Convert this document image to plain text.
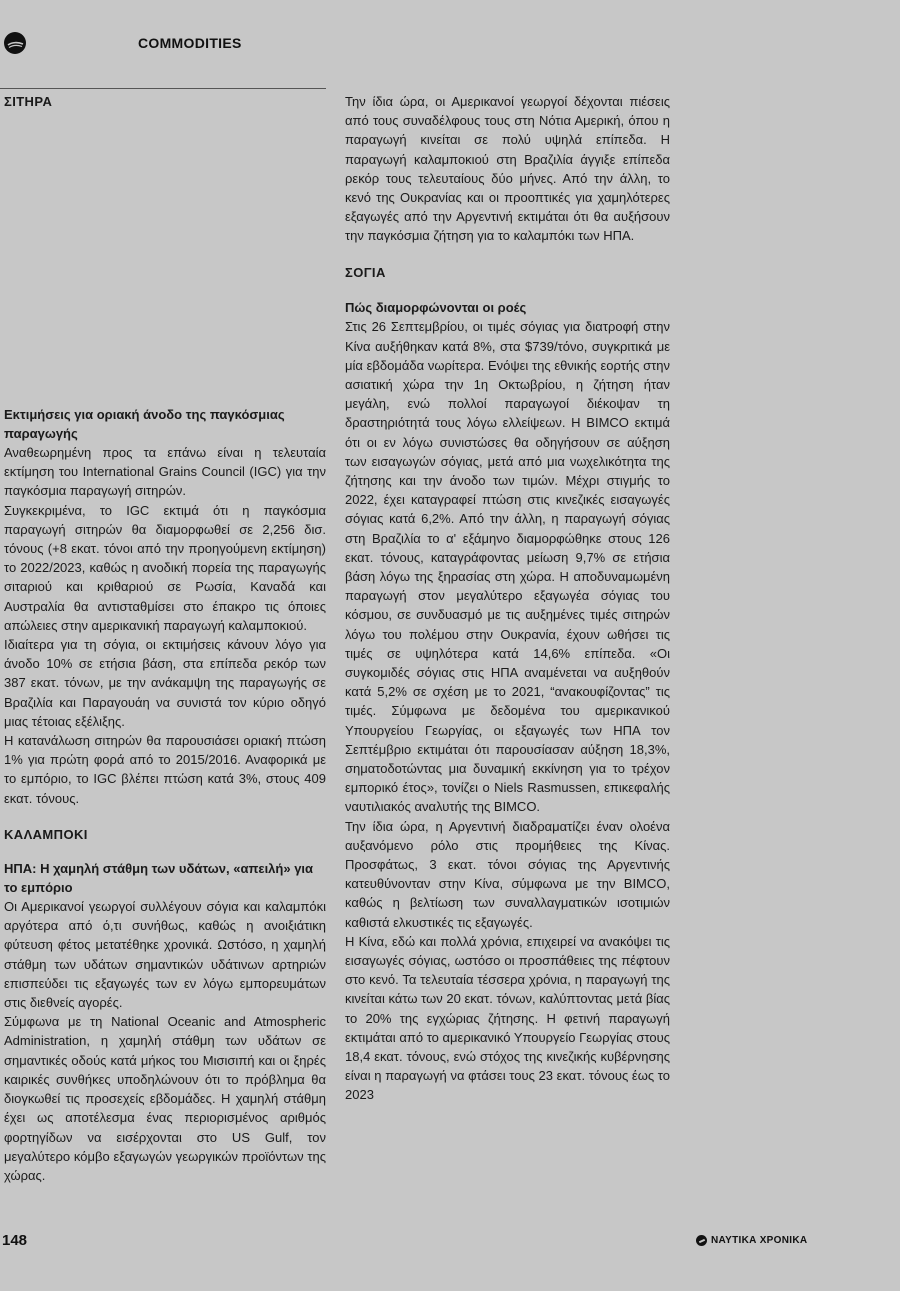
COMMODITIES
ΣΙΤΗΡΑ
Εκτιμήσεις για οριακή άνοδο της παγκόσμιας παραγωγής

Αναθεωρημένη προς τα επάνω είναι η τελευταία εκτίμηση του International Grains Council (IGC) για την παγκόσμια παραγωγή σιτηρών.

Συγκεκριμένα, το IGC εκτιμά ότι η παγκόσμια παραγωγή σιτηρών θα διαμορφωθεί σε 2,256 δισ. τόνους (+8 εκατ. τόνοι από την προηγούμενη εκτίμηση) το 2022/2023, καθώς η ανοδική πορεία της παραγωγής σιταριού και κριθαριού σε Ρωσία, Καναδά και Αυστραλία θα αντισταθμίσει στο έπακρο τις όποιες απώλειες στην αμερικανική παραγωγή καλαμποκιού.

Ιδιαίτερα για τη σόγια, οι εκτιμήσεις κάνουν λόγο για άνοδο 10% σε ετήσια βάση, στα επίπεδα ρεκόρ των 387 εκατ. τόνων, με την ανάκαμψη της παραγωγής σε Βραζιλία και Παραγουάη να συνιστά τον κύριο οδηγό μιας τέτοιας εξέλιξης.

Η κατανάλωση σιτηρών θα παρουσιάσει οριακή πτώση 1% για πρώτη φορά από το 2015/2016. Αναφορικά με το εμπόριο, το IGC βλέπει πτώση κατά 3%, στους 409 εκατ. τόνους.

ΚΑΛΑΜΠΟΚΙ
ΗΠΑ: Η χαμηλή στάθμη των υδάτων, «απειλή» για το εμπόριο

Οι Αμερικανοί γεωργοί συλλέγουν σόγια και καλαμπόκι αργότερα από ό,τι συνήθως, καθώς η ανοιξιάτικη φύτευση φέτος μετατέθηκε χρονικά. Ωστόσο, η χαμηλή στάθμη των υδάτων σημαντικών υδάτινων αρτηριών επισπεύδει τις εξαγωγές των εν λόγω εμπορευμάτων στις διεθνείς αγορές.

Σύμφωνα με τη National Oceanic and Atmospheric Administration, η χαμηλή στάθμη των υδάτων σε σημαντικές οδούς κατά μήκος του Μισισιπή και οι ξηρές καιρικές συνθήκες υποδηλώνουν ότι το πρόβλημα θα διογκωθεί τις προσεχείς εβδομάδες. Η χαμηλή στάθμη έχει ως αποτέλεσμα ένας περιορισμένος αριθμός φορτηγίδων να εισέρχονται στο US Gulf, τον μεγαλύτερο κόμβο εξαγωγών γεωργικών προϊόντων της χώρας.

Την ίδια ώρα, οι Αμερικανοί γεωργοί δέχονται πιέσεις από τους συναδέλφους τους στη Νότια Αμερική, όπου η παραγωγή κινείται σε πολύ υψηλά επίπεδα. Η παραγωγή καλαμποκιού στη Βραζιλία άγγιξε επίπεδα ρεκόρ τους τελευταίους δύο μήνες. Από την άλλη, το κενό της Ουκρανίας και οι προοπτικές για χαμηλότερες εξαγωγές από την Αργεντινή εκτιμάται ότι θα αυξήσουν την παγκόσμια ζήτηση για το καλαμπόκι των ΗΠΑ.

ΣΟΓΙΑ
Πώς διαμορφώνονται οι ροές

Στις 26 Σεπτεμβρίου, οι τιμές σόγιας για διατροφή στην Κίνα αυξήθηκαν κατά 8%, στα $739/τόνο, συγκριτικά με μία εβδομάδα νωρίτερα. Ενόψει της εθνικής εορτής στην ασιατική χώρα την 1η Οκτωβρίου, η ζήτηση ήταν μεγάλη, ενώ πολλοί παραγωγοί διέκοψαν τη δραστηριότητά τους λόγω ελλείψεων. Η BIMCO εκτιμά ότι οι εν λόγω συνιστώσες θα οδηγήσουν σε αύξηση των εισαγωγών σόγιας, μετά από μια νωχελικότητα της ζήτησης και την άνοδο των τιμών. Μέχρι στιγμής το 2022, έχει καταγραφεί πτώση στις κινεζικές εισαγωγές σόγιας κατά 6,2%. Από την άλλη, η παραγωγή σόγιας στη Βραζιλία το α' εξάμηνο διαμορφώθηκε στους 126 εκατ. τόνους, καταγράφοντας μείωση 9,7% σε ετήσια βάση λόγω της ξηρασίας στη χώρα. Η αποδυναμωμένη παραγωγή στον μεγαλύτερο εξαγωγέα σόγιας του κόσμου, σε συνδυασμό με τις αυξημένες τιμές σιτηρών λόγω του πολέμου στην Ουκρανία, έχουν ωθήσει τις τιμές σε υψηλότερα κατά 14,6% επίπεδα. «Οι συγκομιδές σόγιας στις ΗΠΑ αναμένεται να αυξηθούν κατά 5,2% σε σχέση με το 2021, “ανακουφίζοντας” τις τιμές. Σύμφωνα με δεδομένα του αμερικανικού Υπουργείου Γεωργίας, οι εξαγωγές των ΗΠΑ τον Σεπτέμβριο εκτιμάται ότι παρουσίασαν αύξηση 18,3%, σηματοδοτώντας μια δυναμική εκκίνηση για το τρέχον εμπορικό έτος», τονίζει ο Niels Rasmussen, επικεφαλής ναυτιλιακός αναλυτής της BIMCO.

Την ίδια ώρα, η Αργεντινή διαδραματίζει έναν ολοένα αυξανόμενο ρόλο στις προμήθειες της Κίνας. Προσφάτως, 3 εκατ. τόνοι σόγιας της Αργεντινής κατευθύνονταν στην Κίνα, σύμφωνα με την BIMCO, καθώς η βελτίωση των συναλλαγματικών ισοτιμιών καθιστά ελκυστικές τις εξαγωγές.

Η Κίνα, εδώ και πολλά χρόνια, επιχειρεί να ανακόψει τις εισαγωγές σόγιας, ωστόσο οι προσπάθειες της πέφτουν στο κενό. Τα τελευταία τέσσερα χρόνια, η παραγωγή της κινείται κάτω των 20 εκατ. τόνων, καλύπτοντας μετά βίας το 20% της εγχώριας ζήτησης. Η φετινή παραγωγή εκτιμάται από το αμερικανικό Υπουργείο Γεωργίας στους 18,4 εκατ. τόνους, ενώ στόχος της κινεζικής κυβέρνησης είναι η παραγωγή να φτάσει τους 23 εκατ. τόνους έως το 2023

148	ΝΑΥΤΙΚΑ ΧΡΟΝΙΚΑ
